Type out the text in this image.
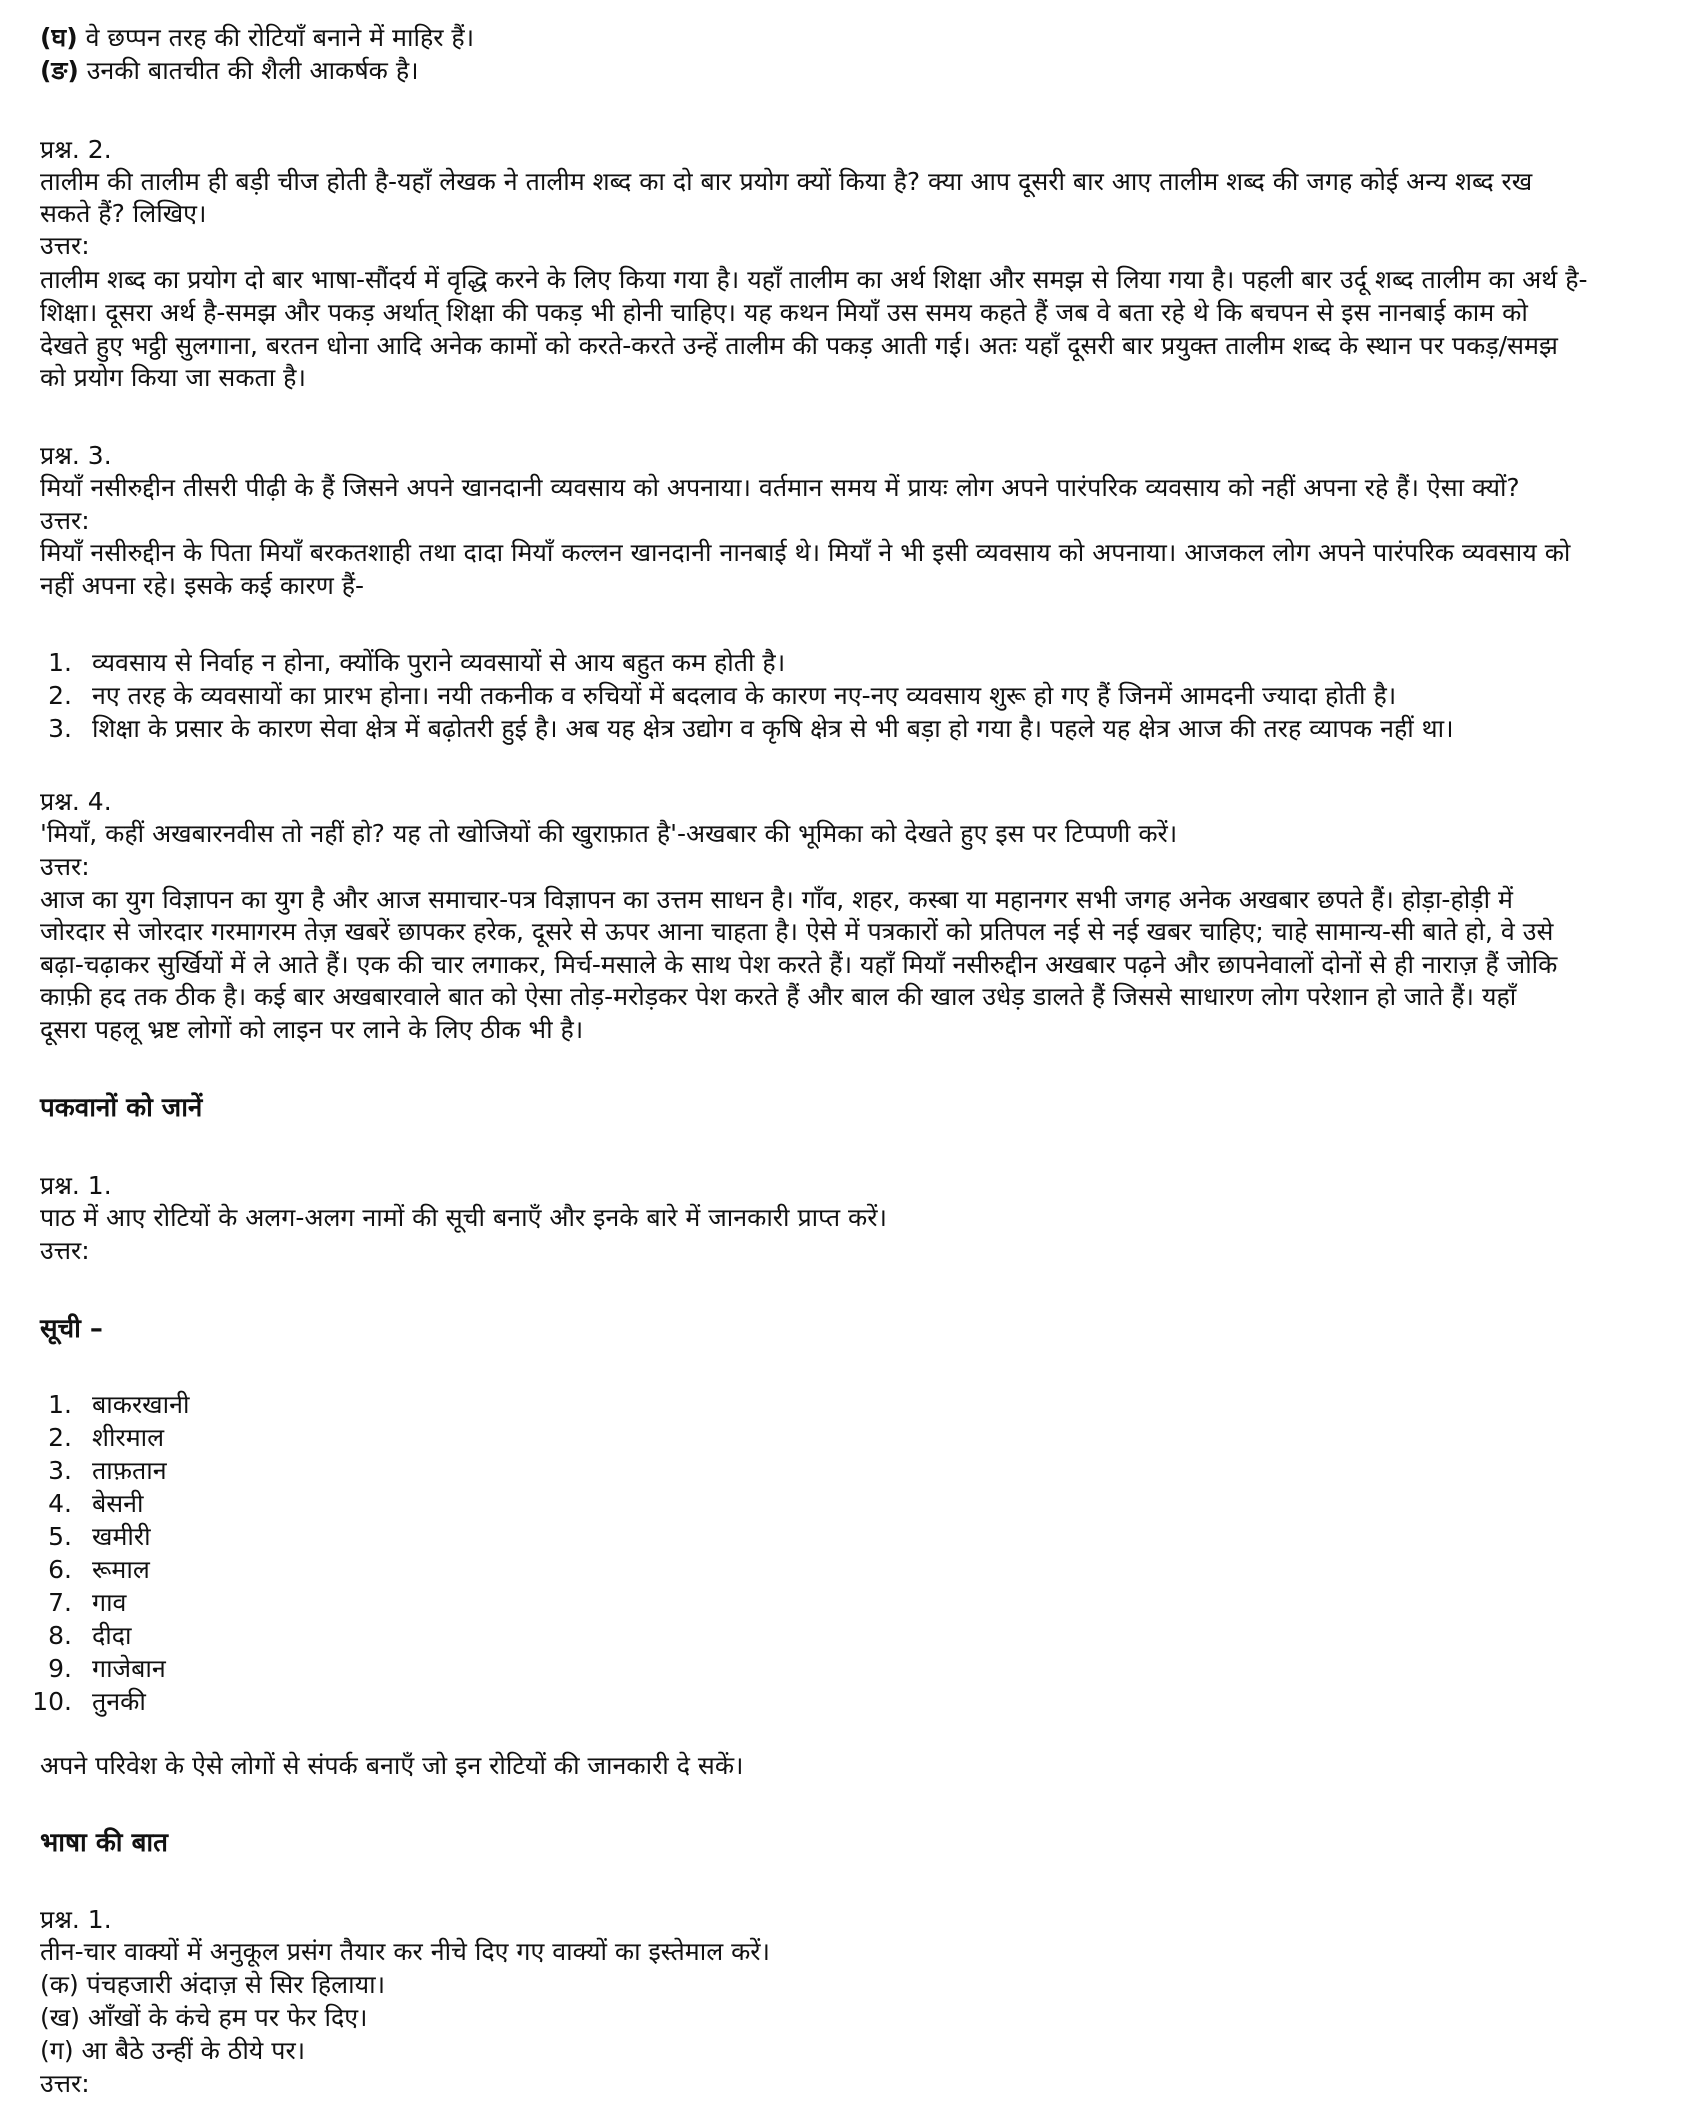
(घ) वे छप्पन तरह की रोटियाँ बनाने में माहिर हैं।

(ङ) उनकी बातचीत की शैली आकर्षक है।

प्रश्न. 2.

तालीम की तालीम ही बड़ी चीज होती है-यहाँ लेखक ने तालीम शब्द का दो बार प्रयोग क्यों किया है? क्या आप दूसरी बार आए तालीम शब्द की जगह कोई अन्य शब्द रख

सकते हैं? लिखिए।

उत्तर:

तालीम शब्द का प्रयोग दो बार भाषा-सौंदर्य में वृद्धि करने के लिए किया गया है। यहाँ तालीम का अर्थ शिक्षा और समझ से लिया गया है। पहली बार उर्दू शब्द तालीम का अर्थ है-

शिक्षा। दूसरा अर्थ है-समझ और पकड़ अर्थात् शिक्षा की पकड़ भी होनी चाहिए। यह कथन मियाँ उस समय कहते हैं जब वे बता रहे थे कि बचपन से इस नानबाई काम को

देखते हुए भट्ठी सुलगाना, बरतन धोना आदि अनेक कामों को करते-करते उन्हें तालीम की पकड़ आती गई। अतः यहाँ दूसरी बार प्रयुक्त तालीम शब्द के स्थान पर पकड़/समझ

को प्रयोग किया जा सकता है।

प्रश्न. 3.

मियाँ नसीरुद्दीन तीसरी पीढ़ी के हैं जिसने अपने खानदानी व्यवसाय को अपनाया। वर्तमान समय में प्रायः लोग अपने पारंपरिक व्यवसाय को नहीं अपना रहे हैं। ऐसा क्यों?

उत्तर:

मियाँ नसीरुद्दीन के पिता मियाँ बरकतशाही तथा दादा मियाँ कल्लन खानदानी नानबाई थे। मियाँ ने भी इसी व्यवसाय को अपनाया। आजकल लोग अपने पारंपरिक व्यवसाय को

नहीं अपना रहे। इसके कई कारण हैं-

1. व्यवसाय से निर्वाह न होना, क्योंकि पुराने व्यवसायों से आय बहुत कम होती है।

2. नए तरह के व्यवसायों का प्रारभ होना। नयी तकनीक व रुचियों में बदलाव के कारण नए-नए व्यवसाय शुरू हो गए हैं जिनमें आमदनी ज्यादा होती है।

3. शिक्षा के प्रसार के कारण सेवा क्षेत्र में बढ़ोतरी हुई है। अब यह क्षेत्र उद्योग व कृषि क्षेत्र से भी बड़ा हो गया है। पहले यह क्षेत्र आज की तरह व्यापक नहीं था।

प्रश्न. 4.

'मियाँ, कहीं अखबारनवीस तो नहीं हो? यह तो खोजियों की खुराफ़ात है'-अखबार की भूमिका को देखते हुए इस पर टिप्पणी करें।

उत्तर:

आज का युग विज्ञापन का युग है और आज समाचार-पत्र विज्ञापन का उत्तम साधन है। गाँव, शहर, कस्बा या महानगर सभी जगह अनेक अखबार छपते हैं। होड़ा-होड़ी में

जोरदार से जोरदार गरमागरम तेज़ खबरें छापकर हरेक, दूसरे से ऊपर आना चाहता है। ऐसे में पत्रकारों को प्रतिपल नई से नई खबर चाहिए; चाहे सामान्य-सी बाते हो, वे उसे

बढ़ा-चढ़ाकर सुर्खियों में ले आते हैं। एक की चार लगाकर, मिर्च-मसाले के साथ पेश करते हैं। यहाँ मियाँ नसीरुद्दीन अखबार पढ़ने और छापनेवालों दोनों से ही नाराज़ हैं जोकि

काफ़ी हद तक ठीक है। कई बार अखबारवाले बात को ऐसा तोड़-मरोड़कर पेश करते हैं और बाल की खाल उधेड़ डालते हैं जिससे साधारण लोग परेशान हो जाते हैं। यहाँ

दूसरा पहलू भ्रष्ट लोगों को लाइन पर लाने के लिए ठीक भी है।

पकवानों को जानें

प्रश्न. 1.

पाठ में आए रोटियों के अलग-अलग नामों की सूची बनाएँ और इनके बारे में जानकारी प्राप्त करें।

उत्तर:

सूची –

1. बाकरखानी

2. शीरमाल

3. ताफ़तान

4. बेसनी

5. खमीरी

6. रूमाल

7. गाव

8. दीदा

9. गाजेबान

10. तुनकी

अपने परिवेश के ऐसे लोगों से संपर्क बनाएँ जो इन रोटियों की जानकारी दे सकें।

भाषा की बात

प्रश्न. 1.

तीन-चार वाक्यों में अनुकूल प्रसंग तैयार कर नीचे दिए गए वाक्यों का इस्तेमाल करें।

(क) पंचहजारी अंदाज़ से सिर हिलाया।

(ख) आँखों के कंचे हम पर फेर दिए।

(ग) आ बैठे उन्हीं के ठीये पर।

उत्तर:
